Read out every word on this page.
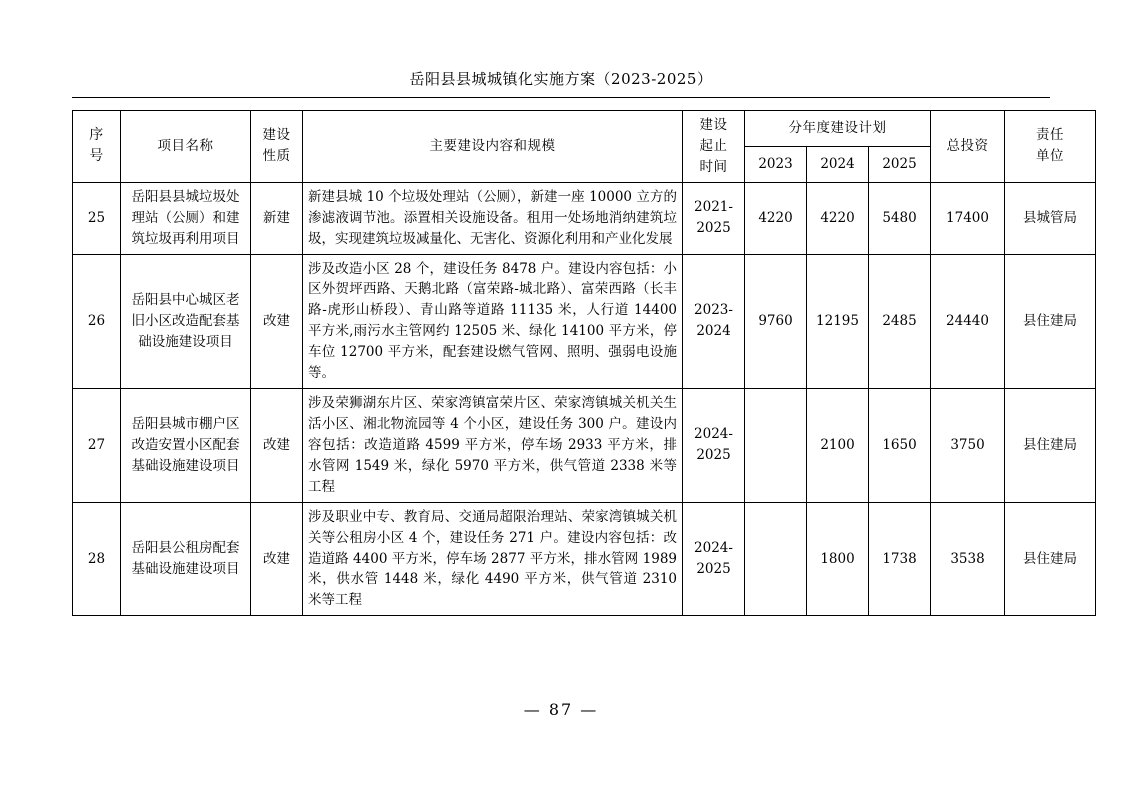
岳阳县县城城镇化实施方案（2023-2025）
序
号
	项目名称	
建设
性质
	主要建设内容和规模	
建设
起止
时间
	分年度建设计划	总投资	
责任
单位

					2023	2024	2025		
25	岳阳县县城垃圾处理站（公厕）和建筑垃圾再利用项目	新建	新建县城 10 个垃圾处理站（公厕），新建一座 10000 立方的渗滤液调节池。添置相关设施设备。租用一处场地消纳建筑垃圾，实现建筑垃圾减量化、无害化、资源化利用和产业化发展	2021-
2025	4220	4220	5480	17400	县城管局
26	岳阳县中心城区老旧小区改造配套基础设施建设项目	改建	涉及改造小区 28 个，建设任务 8478 户。建设内容包括：小区外贺坪西路、天鹅北路（富荣路-城北路）、富荣西路（长丰路-虎形山桥段）、青山路等道路 11135 米，人行道 14400 平方米,雨污水主管网约 12505 米、绿化 14100 平方米，停车位 12700 平方米，配套建设燃气管网、照明、强弱电设施等。	2023-
2024	9760	12195	2485	24440	县住建局
27	岳阳县城市棚户区改造安置小区配套基础设施建设项目	改建	涉及荣狮湖东片区、荣家湾镇富荣片区、荣家湾镇城关机关生活小区、湘北物流园等 4 个小区，建设任务 300 户。建设内容包括：改造道路 4599 平方米，停车场 2933 平方米，排水管网 1549 米，绿化 5970 平方米，供气管道 2338 米等工程	2024-
2025		2100	1650	3750	县住建局
28	岳阳县公租房配套基础设施建设项目	改建	涉及职业中专、教育局、交通局超限治理站、荣家湾镇城关机关等公租房小区 4 个，建设任务 271 户。建设内容包括：改造道路 4400 平方米，停车场 2877 平方米，排水管网 1989 米，供水管 1448 米，绿化 4490 平方米，供气管道 2310 米等工程	2024-
2025		1800	1738	3538	县住建局
— 87 —
